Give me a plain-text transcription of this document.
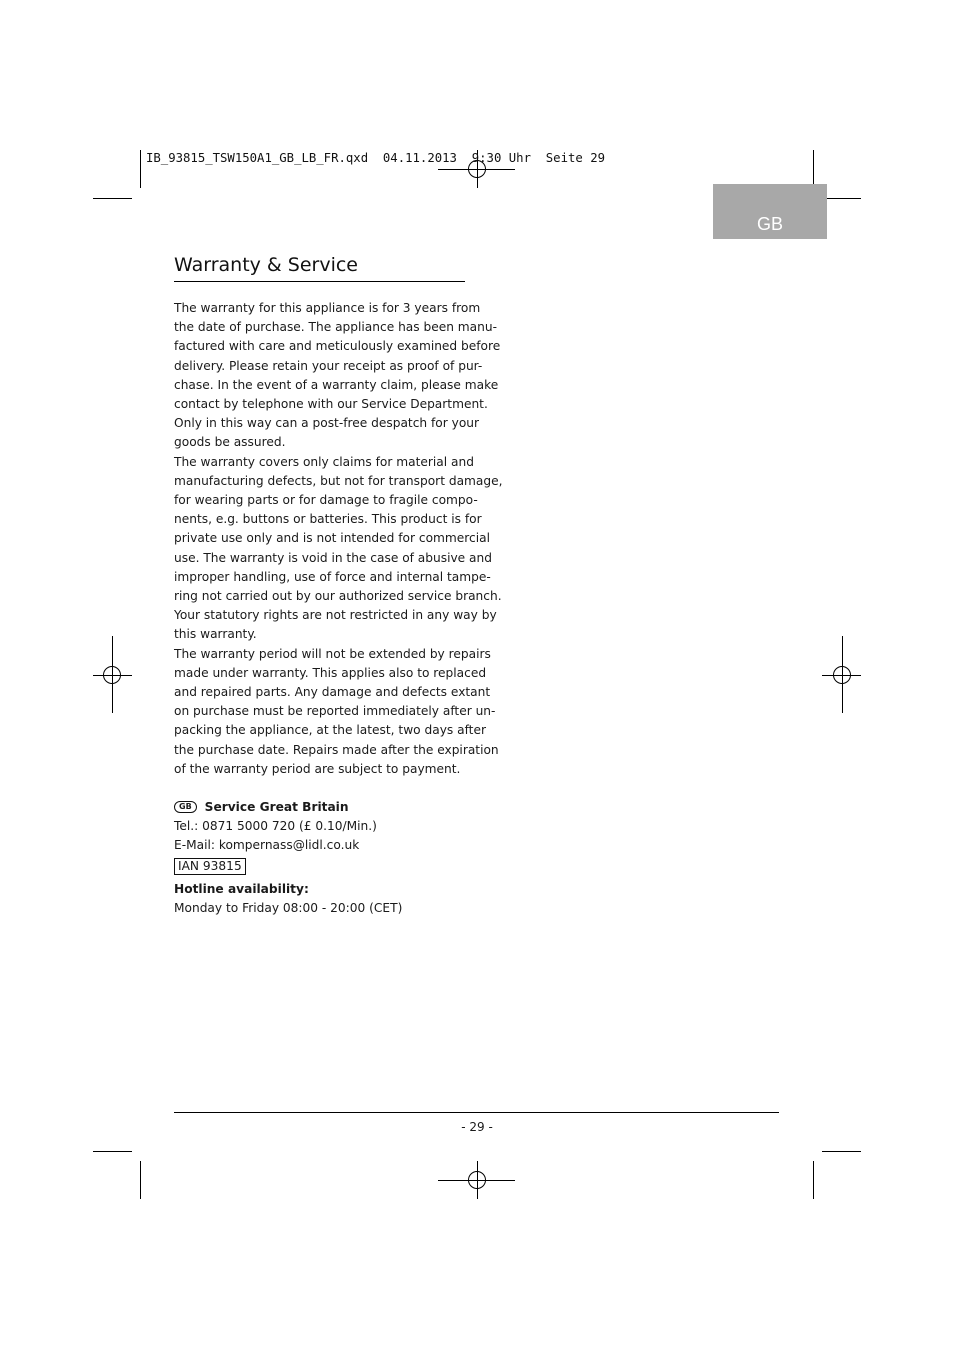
IB_93815_TSW150A1_GB_LB_FR.qxd  04.11.2013  9:30 Uhr  Seite 29
GB
Warranty & Service
The warranty for this appliance is for 3 years from
the date of purchase. The appliance has been manu-
factured with care and meticulously examined before
delivery. Please retain your receipt as proof of pur-
chase. In the event of a warranty claim, please make
contact by telephone with our Service Department.
Only in this way can a post-free despatch for your
goods be assured.
The warranty covers only claims for material and
manufacturing defects, but not for transport damage,
for wearing parts or for damage to fragile compo-
nents, e.g. buttons or batteries. This product is for
private use only and is not intended for commercial
use. The warranty is void in the case of abusive and
improper handling, use of force and internal tampe-
ring not carried out by our authorized service branch.
Your statutory rights are not restricted in any way by
this warranty.
The warranty period will not be extended by repairs
made under warranty. This applies also to replaced
and repaired parts. Any damage and defects extant
on purchase must be reported immediately after un-
packing the appliance, at the latest, two days after
the purchase date. Repairs made after the expiration
of the warranty period are subject to payment.
GB Service Great Britain
Tel.: 0871 5000 720 (£ 0.10/Min.)
E-Mail: kompernass@lidl.co.uk
IAN 93815
Hotline availability:
Monday to Friday 08:00 - 20:00 (CET)
- 29 -
